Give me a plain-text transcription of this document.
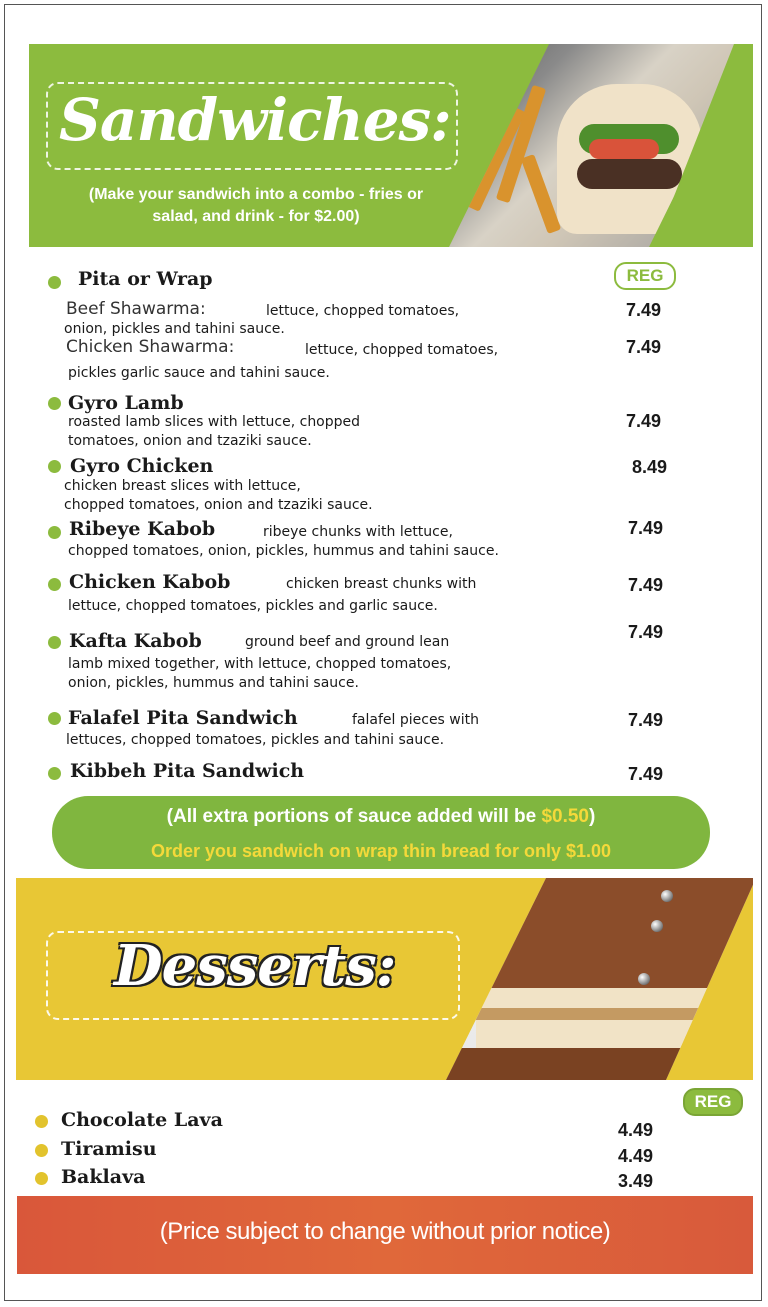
Sandwiches:
(Make your sandwich into a combo - fries or
salad, and drink - for $2.00)
REG
Pita or Wrap
Beef Shawarma:	lettuce, chopped tomatoes,
onion, pickles and tahini sauce.
7.49
Chicken Shawarma:	lettuce, chopped tomatoes,
pickles garlic sauce and tahini sauce.
7.49
Gyro Lamb
roasted lamb slices with lettuce, chopped
tomatoes, onion and tzaziki sauce.
7.49
Gyro Chicken
chicken breast slices with lettuce,
chopped tomatoes, onion and tzaziki sauce.
8.49
Ribeye Kabob	ribeye chunks with lettuce,
chopped tomatoes, onion, pickles, hummus and tahini sauce.
7.49
Chicken Kabob	chicken breast chunks with
lettuce, chopped tomatoes, pickles and garlic sauce.
7.49
Kafta Kabob	ground beef and ground lean
lamb mixed together, with lettuce, chopped tomatoes,
onion, pickles, hummus and tahini sauce.
7.49
Falafel Pita Sandwich	falafel pieces with
lettuces, chopped tomatoes, pickles and tahini sauce.
7.49
Kibbeh Pita Sandwich	7.49
(All extra portions of sauce added will be $0.50)
Order you sandwich on wrap thin bread for only $1.00
Desserts:
REG
Chocolate Lava	4.49
Tiramisu	4.49
Baklava	3.49
(Price subject to change without prior notice)
